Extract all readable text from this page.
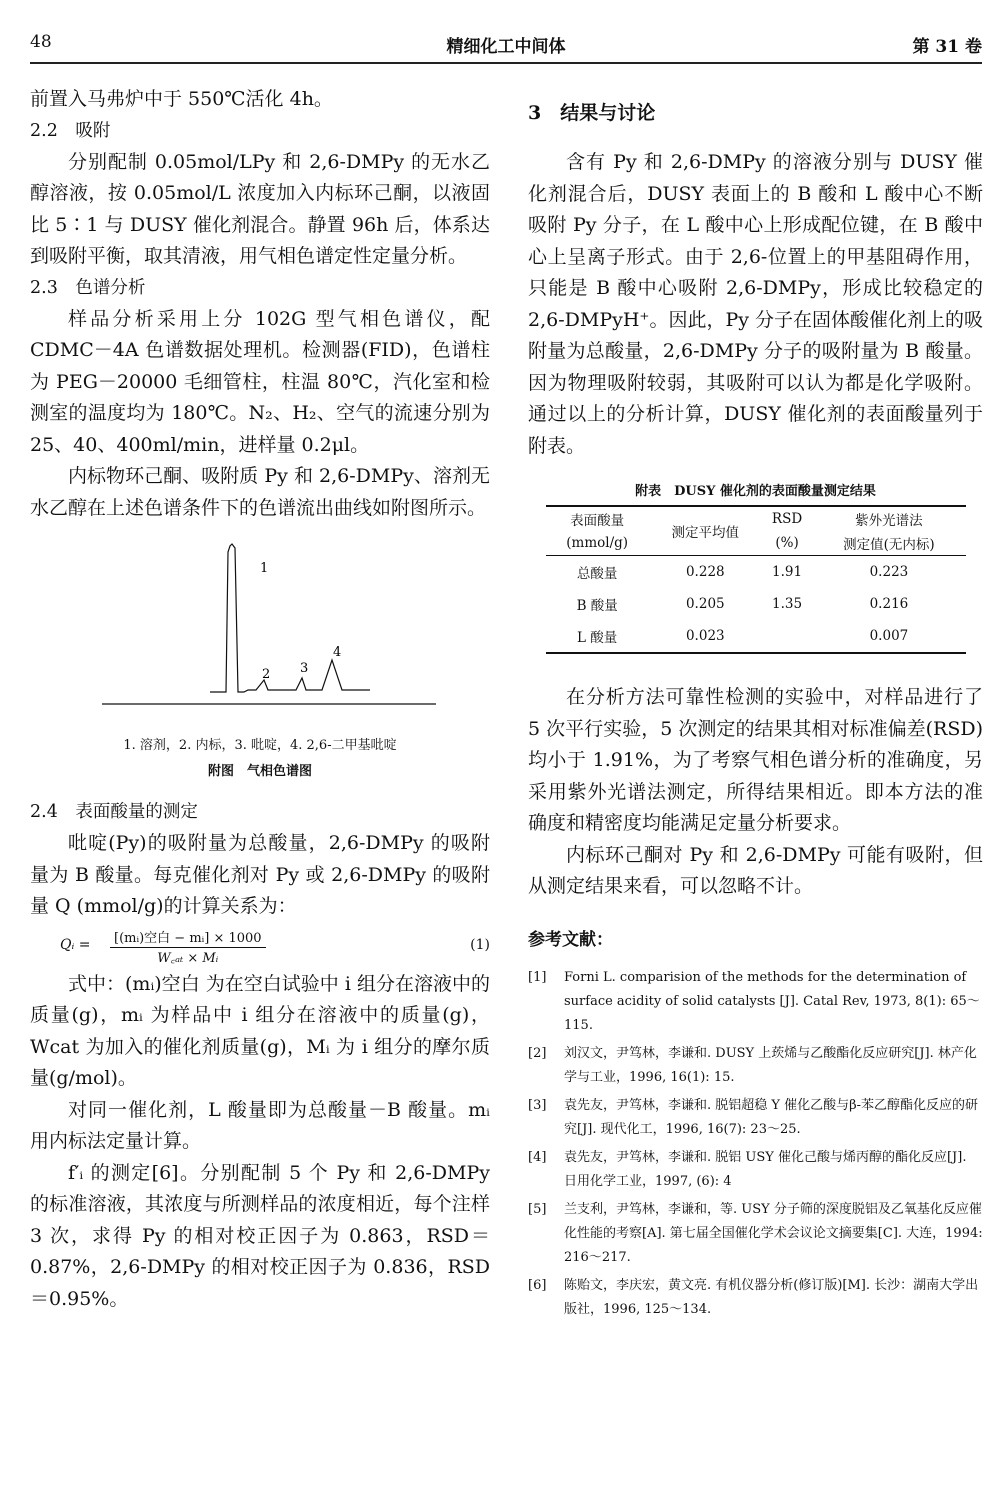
48	精细化工中间体	第 31 卷

前置入马弗炉中于 550℃活化 4h。

2.2　吸附

分别配制 0.05mol/LPy 和 2,6-DMPy 的无水乙醇溶液，按 0.05mol/L 浓度加入内标环己酮，以液固比 5∶1 与 DUSY 催化剂混合。静置 96h 后，体系达到吸附平衡，取其清液，用气相色谱定性定量分析。

2.3　色谱分析

样品分析采用上分 102G 型气相色谱仪，配 CDMC－4A 色谱数据处理机。检测器(FID)，色谱柱为 PEG－20000 毛细管柱，柱温 80℃，汽化室和检测室的温度均为 180℃。N₂、H₂、空气的流速分别为 25、40、400ml/min，进样量 0.2μl。

内标物环己酮、吸附质 Py 和 2,6-DMPy、溶剂无水乙醇在上述色谱条件下的色谱流出曲线如附图所示。

1
2 3
4
1. 溶剂，2. 内标，3. 吡啶，4. 2,6-二甲基吡啶
附图　气相色谱图

2.4　表面酸量的测定

吡啶(Py)的吸附量为总酸量，2,6-DMPy 的吸附量为 B 酸量。每克催化剂对 Py 或 2,6-DMPy 的吸附量 Q (mmol/g)的计算关系为：

Qᵢ =	[(mᵢ)空白 − mᵢ] × 1000
W꜀ₐₜ × Mᵢ
(1)

式中：(mᵢ)空白 为在空白试验中 i 组分在溶液中的质量(g)，mᵢ 为样品中 i 组分在溶液中的质量(g)，Wcat 为加入的催化剂质量(g)，Mᵢ 为 i 组分的摩尔质量(g/mol)。

对同一催化剂，L 酸量即为总酸量－B 酸量。mᵢ 用内标法定量计算。

f′ᵢ 的测定[6]。分别配制 5 个 Py 和 2,6-DMPy 的标准溶液，其浓度与所测样品的浓度相近，每个注样 3 次，求得 Py 的相对校正因子为 0.863，RSD＝0.87%，2,6-DMPy 的相对校正因子为 0.836，RSD＝0.95%。

3　结果与讨论

含有 Py 和 2,6-DMPy 的溶液分别与 DUSY 催化剂混合后，DUSY 表面上的 B 酸和 L 酸中心不断吸附 Py 分子，在 L 酸中心上形成配位键，在 B 酸中心上呈离子形式。由于 2,6-位置上的甲基阻碍作用，只能是 B 酸中心吸附 2,6-DMPy，形成比较稳定的 2,6-DMPyH⁺。因此，Py 分子在固体酸催化剂上的吸附量为总酸量，2,6-DMPy 分子的吸附量为 B 酸量。因为物理吸附较弱，其吸附可以认为都是化学吸附。通过以上的分析计算，DUSY 催化剂的表面酸量列于附表。

附表　DUSY 催化剂的表面酸量测定结果
表面酸量	测定平均值	RSD	紫外光谱法
(mmol/g)		(%)	测定值(无内标)
总酸量	0.228	1.91	0.223
B 酸量	0.205	1.35	0.216
L 酸量	0.023		0.007

在分析方法可靠性检测的实验中，对样品进行了 5 次平行实验，5 次测定的结果其相对标准偏差(RSD)均小于 1.91%，为了考察气相色谱分析的准确度，另采用紫外光谱法测定，所得结果相近。即本方法的准确度和精密度均能满足定量分析要求。

内标环己酮对 Py 和 2,6-DMPy 可能有吸附，但从测定结果来看，可以忽略不计。

参考文献：
[1]	Forni L. comparision of the methods for the determination of surface acidity of solid catalysts [J]. Catal Rev, 1973, 8(1): 65～115.
[2]	刘汉文，尹笃林，李谦和. DUSY 上莰烯与乙酸酯化反应研究[J]. 林产化学与工业，1996, 16(1): 15.
[3]	袁先友，尹笃林，李谦和. 脱铝超稳 Y 催化乙酸与β-苯乙醇酯化反应的研究[J]. 现代化工，1996, 16(7): 23～25.
[4]	袁先友，尹笃林，李谦和. 脱铝 USY 催化己酸与烯丙醇的酯化反应[J]. 日用化学工业，1997, (6): 4
[5]	兰支利，尹笃林，李谦和，等. USY 分子筛的深度脱铝及乙氧基化反应催化性能的考察[A]. 第七届全国催化学术会议论文摘要集[C]. 大连，1994: 216～217.
[6]	陈贻文，李庆宏，黄文亮. 有机仪器分析(修订版)[M]. 长沙：湖南大学出版社，1996, 125～134.
